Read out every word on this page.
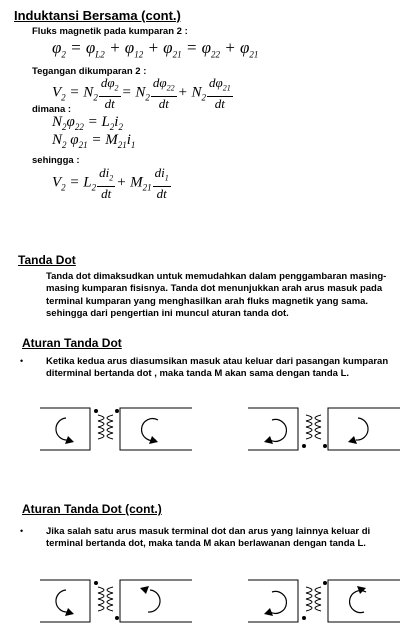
Induktansi Bersama (cont.)
Fluks magnetik pada kumparan 2 :
$\varphi_2 = \varphi_{L2} + \varphi_{12} + \varphi_{21} = \varphi_{22} + \varphi_{21}$
Tegangan dikumparan 2 :
$V_2 = N_2 \frac{d\varphi_2}{dt} = N_2 \frac{d\varphi_{22}}{dt} + N_2 \frac{d\varphi_{21}}{dt}$
dimana :
$N_2\varphi_{22} = L_2i_2$
$N_2$ $\varphi_{21} = M_{21}i_1$
sehingga :
$V_2 = L_2 \frac{di_2}{dt} + M_{21} \frac{di_1}{dt}$
Tanda Dot
Tanda dot dimaksudkan untuk memudahkan dalam penggambaran masing-masing kumparan fisisnya. Tanda dot menunjukkan arah arus masuk pada terminal kumparan yang menghasilkan arah fluks magnetik yang sama. sehingga dari pengertian ini muncul aturan tanda dot.
Aturan Tanda Dot
• Ketika kedua arus diasumsikan masuk atau keluar dari pasangan kumparan diterminal bertanda dot , maka tanda M akan sama dengan tanda L.
Aturan Tanda Dot (cont.)
• Jika salah satu arus masuk terminal dot dan arus yang lainnya keluar di terminal bertanda dot, maka tanda M akan berlawanan dengan tanda L.
